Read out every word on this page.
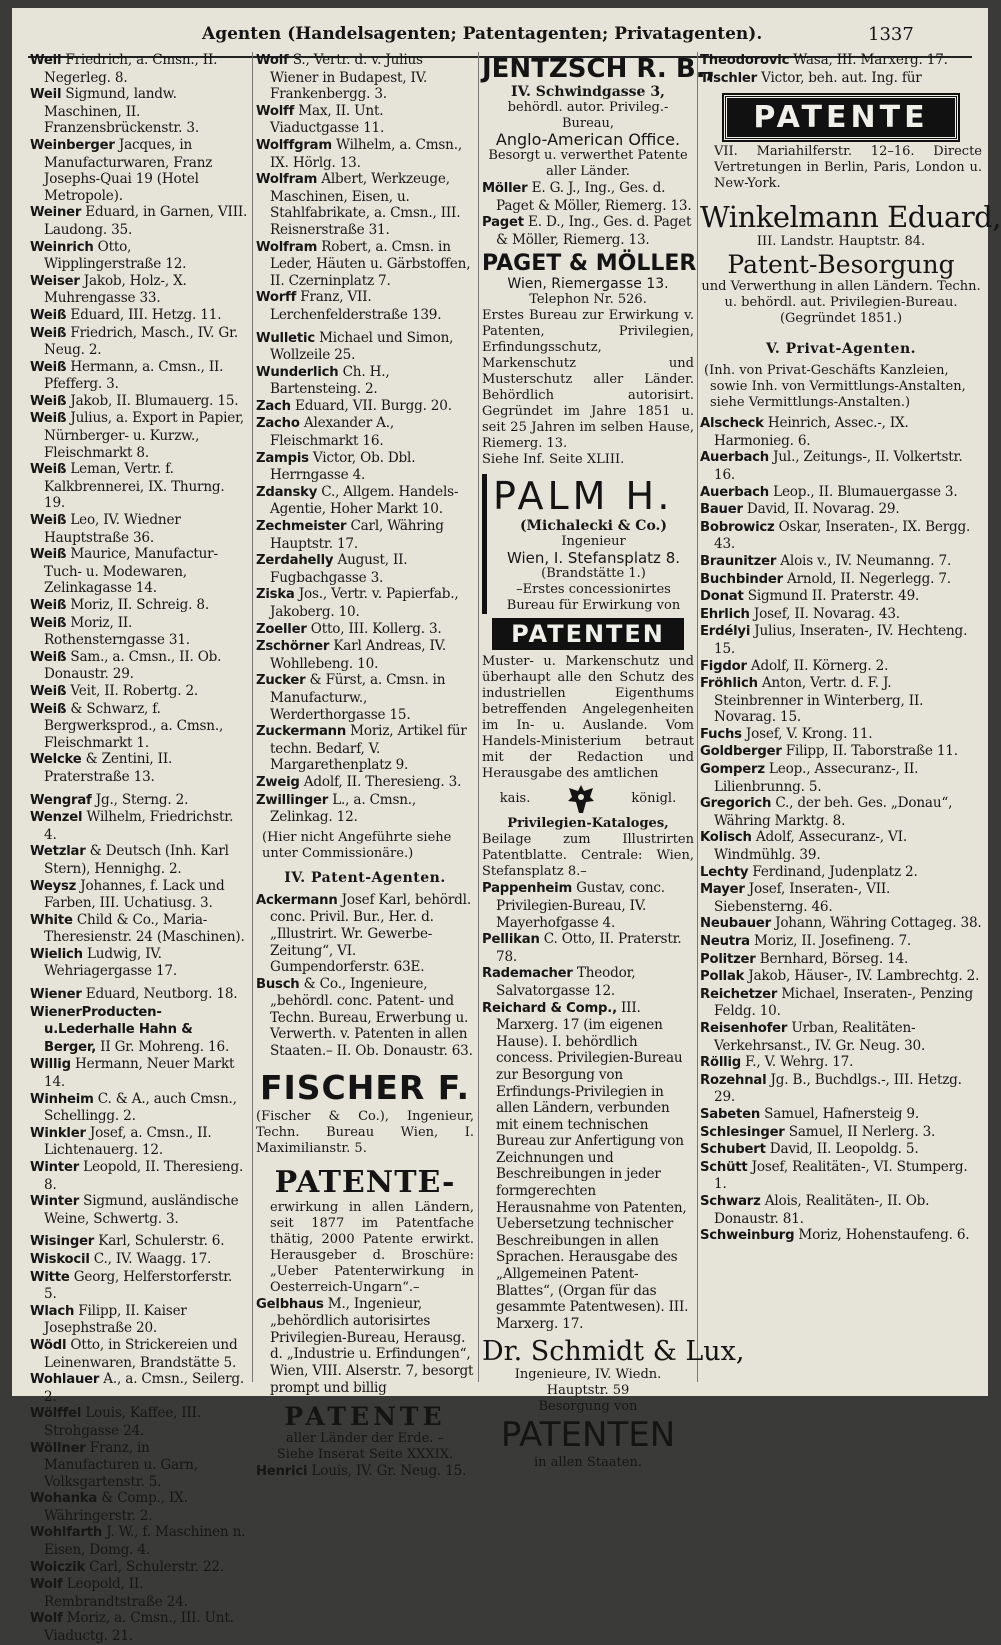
Agenten (Handelsagenten; Patentagenten; Privatagenten).	1337
Weil Friedrich, a. Cmsn., II. Negerleg. 8.
Weil Sigmund, landw. Maschinen, II. Franzensbrückenstr. 3.
Weinberger Jacques, in Manufacturwaren, Franz Josephs-Quai 19 (Hotel Metropole).
Weiner Eduard, in Garnen, VIII. Laudong. 35.
Weinrich Otto, Wipplingerstraße 12.
Weiser Jakob, Holz-, X. Muhrengasse 33.
Weiß Eduard, III. Hetzg. 11.
Weiß Friedrich, Masch., IV. Gr. Neug. 2.
Weiß Hermann, a. Cmsn., II. Pfefferg. 3.
Weiß Jakob, II. Blumauerg. 15.
Weiß Julius, a. Export in Papier, Nürnberger- u. Kurzw., Fleischmarkt 8.
Weiß Leman, Vertr. f. Kalkbrennerei, IX. Thurng. 19.
Weiß Leo, IV. Wiedner Hauptstraße 36.
Weiß Maurice, Manufactur-Tuch- u. Modewaren, Zelinkagasse 14.
Weiß Moriz, II. Schreig. 8.
Weiß Moriz, II. Rothensterngasse 31.
Weiß Sam., a. Cmsn., II. Ob. Donaustr. 29.
Weiß Veit, II. Robertg. 2.
Weiß & Schwarz, f. Bergwerksprod., a. Cmsn., Fleischmarkt 1.
Welcke & Zentini, II. Praterstraße 13.
Wengraf Jg., Sterng. 2.
Wenzel Wilhelm, Friedrichstr. 4.
Wetzlar & Deutsch (Inh. Karl Stern), Hennighg. 2.
Weysz Johannes, f. Lack und Farben, III. Uchatiusg. 3.
White Child & Co., Maria-Theresienstr. 24 (Maschinen).
Wielich Ludwig, IV. Wehriagergasse 17.
Wiener Eduard, Neutborg. 18.
WienerProducten-u.Lederhalle Hahn & Berger, II Gr. Mohreng. 16.
Willig Hermann, Neuer Markt 14.
Winheim C. & A., auch Cmsn., Schellingg. 2.
Winkler Josef, a. Cmsn., II. Lichtenauerg. 12.
Winter Leopold, II. Theresieng. 8.
Winter Sigmund, ausländische Weine, Schwertg. 3.
Wisinger Karl, Schulerstr. 6.
Wiskocil C., IV. Waagg. 17.
Witte Georg, Helferstorferstr. 5.
Wlach Filipp, II. Kaiser Josephstraße 20.
Wödl Otto, in Strickereien und Leinenwaren, Brandstätte 5.
Wohlauer A., a. Cmsn., Seilerg. 2.
Wölffel Louis, Kaffee, III. Strohgasse 24.
Wöllner Franz, in Manufacturen u. Garn, Volksgartenstr. 5.
Wohanka & Comp., IX. Währingerstr. 2.
Wohlfarth J. W., f. Maschinen n. Eisen, Domg. 4.
Woiczik Carl, Schulerstr. 22.
Wolf Leopold, II. Rembrandtstraße 24.
Wolf Moriz, a. Cmsn., III. Unt. Viaductg. 21.
Wolf S., Vertr. d. v. Julius Wiener in Budapest, IV. Frankenbergg. 3.
Wolff Max, II. Unt. Viaductgasse 11.
Wolffgram Wilhelm, a. Cmsn., IX. Hörlg. 13.
Wolfram Albert, Werkzeuge, Maschinen, Eisen, u. Stahlfabrikate, a. Cmsn., III. Reisnerstraße 31.
Wolfram Robert, a. Cmsn. in Leder, Häuten u. Gärbstoffen, II. Czerninplatz 7.
Worff Franz, VII. Lerchenfelderstraße 139.
Wulletic Michael und Simon, Wollzeile 25.
Wunderlich Ch. H., Bartensteing. 2.
Zach Eduard, VII. Burgg. 20.
Zacho Alexander A., Fleischmarkt 16.
Zampis Victor, Ob. Dbl. Herrngasse 4.
Zdansky C., Allgem. Handels-Agentie, Hoher Markt 10.
Zechmeister Carl, Währing Hauptstr. 17.
Zerdahelly August, II. Fugbachgasse 3.
Ziska Jos., Vertr. v. Papierfab., Jakoberg. 10.
Zoeller Otto, III. Kollerg. 3.
Zschörner Karl Andreas, IV. Wohllebeng. 10.
Zucker & Fürst, a. Cmsn. in Manufacturw., Werderthorgasse 15.
Zuckermann Moriz, Artikel für techn. Bedarf, V. Margarethenplatz 9.
Zweig Adolf, II. Theresieng. 3.
Zwillinger L., a. Cmsn., Zelinkag. 12.
(Hier nicht Angeführte siehe unter Commissionäre.)
IV. Patent-Agenten.
Ackermann Josef Karl, behördl. conc. Privil. Bur., Her. d. „Illustrirt. Wr. Gewerbe-Zeitung“, VI. Gumpendorferstr. 63E.
Busch & Co., Ingenieure, „behördl. conc. Patent- und Techn. Bureau, Erwerbung u. Verwerth. v. Patenten in allen Staaten.– II. Ob. Donaustr. 63.
FISCHER F.
(Fischer & Co.), Ingenieur, Techn. Bureau Wien, I. Maximilianstr. 5.
PATENTE-
erwirkung in allen Ländern, seit 1877 im Patentfache thätig, 2000 Patente erwirkt. Herausgeber d. Broschüre: „Ueber Patenterwirkung in Oesterreich-Ungarn“.–
Gelbhaus M., Ingenieur, „behördlich autorisirtes Privilegien-Bureau, Herausg. d. „Industrie u. Erfindungen“, Wien, VIII. Alserstr. 7, besorgt prompt und billig
PATENTE
aller Länder der Erde. –
Siehe Inserat Seite XXXIX.
Henrici Louis, IV. Gr. Neug. 15.
JENTZSCH R. B.,
IV. Schwindgasse 3,
behördl. autor. Privileg.-Bureau,
Anglo-American Office.
Besorgt u. verwerthet Patente aller Länder.
Möller E. G. J., Ing., Ges. d. Paget & Möller, Riemerg. 13.
Paget E. D., Ing., Ges. d. Paget & Möller, Riemerg. 13.
PAGET & MÖLLER
Wien, Riemergasse 13.
Telephon Nr. 526.
Erstes Bureau zur Erwirkung v. Patenten, Privilegien, Erfindungsschutz, Markenschutz und Musterschutz aller Länder. Behördlich autorisirt. Gegründet im Jahre 1851 u. seit 25 Jahren im selben Hause, Riemerg. 13.
Siehe Inf. Seite XLIII.
PALM H.
(Michalecki & Co.)
Ingenieur
Wien, I. Stefansplatz 8.
(Brandstätte 1.)
–Erstes concessionirtes Bureau für Erwirkung von
PATENTEN
Muster- u. Markenschutz und überhaupt alle den Schutz des industriellen Eigenthums betreffenden Angelegenheiten im In- u. Auslande. Vom Handels-Ministerium betraut mit der Redaction und Herausgabe des amtlichen
kais.	königl.
Privilegien-Kataloges,
Beilage zum Illustrirten Patentblatte. Centrale: Wien, Stefansplatz 8.–
Pappenheim Gustav, conc. Privilegien-Bureau, IV. Mayerhofgasse 4.
Pellikan C. Otto, II. Praterstr. 78.
Rademacher Theodor, Salvatorgasse 12.
Reichard & Comp., III. Marxerg. 17 (im eigenen Hause). I. behördlich concess. Privilegien-Bureau zur Besorgung von Erfindungs-Privilegien in allen Ländern, verbunden mit einem technischen Bureau zur Anfertigung von Zeichnungen und Beschreibungen in jeder formgerechten Herausnahme von Patenten, Uebersetzung technischer Beschreibungen in allen Sprachen. Herausgabe des „Allgemeinen Patent-Blattes“, (Organ für das gesammte Patentwesen). III. Marxerg. 17.
Dr. Schmidt & Lux,
Ingenieure, IV. Wiedn. Hauptstr. 59
Besorgung von
PATENTEN
in allen Staaten.
Theodorovic Wasa, III. Marxerg. 17.
Tischler Victor, beh. aut. Ing. für
PATENTE
VII. Mariahilferstr. 12–16. Directe Vertretungen in Berlin, Paris, London u. New-York.
Winkelmann Eduard,
III. Landstr. Hauptstr. 84.
Patent-Besorgung
und Verwerthung in allen Ländern. Techn. u. behördl. aut. Privilegien-Bureau. (Gegründet 1851.)
V. Privat-Agenten.
(Inh. von Privat-Geschäfts Kanzleien, sowie Inh. von Vermittlungs-Anstalten, siehe Vermittlungs-Anstalten.)
Alscheck Heinrich, Assec.-, IX. Harmonieg. 6.
Auerbach Jul., Zeitungs-, II. Volkertstr. 16.
Auerbach Leop., II. Blumauergasse 3.
Bauer David, II. Novarag. 29.
Bobrowicz Oskar, Inseraten-, IX. Bergg. 43.
Braunitzer Alois v., IV. Neumanng. 7.
Buchbinder Arnold, II. Negerlegg. 7.
Donat Sigmund II. Praterstr. 49.
Ehrlich Josef, II. Novarag. 43.
Erdélyi Julius, Inseraten-, IV. Hechteng. 15.
Figdor Adolf, II. Körnerg. 2.
Fröhlich Anton, Vertr. d. F. J. Steinbrenner in Winterberg, II. Novarag. 15.
Fuchs Josef, V. Krong. 11.
Goldberger Filipp, II. Taborstraße 11.
Gomperz Leop., Assecuranz-, II. Lilienbrunng. 5.
Gregorich C., der beh. Ges. „Donau“, Währing Marktg. 8.
Kolisch Adolf, Assecuranz-, VI. Windmühlg. 39.
Lechty Ferdinand, Judenplatz 2.
Mayer Josef, Inseraten-, VII. Siebensterng. 46.
Neubauer Johann, Währing Cottageg. 38.
Neutra Moriz, II. Josefineng. 7.
Politzer Bernhard, Börseg. 14.
Pollak Jakob, Häuser-, IV. Lambrechtg. 2.
Reichetzer Michael, Inseraten-, Penzing Feldg. 10.
Reisenhofer Urban, Realitäten-Verkehrsanst., IV. Gr. Neug. 30.
Röllig F., V. Wehrg. 17.
Rozehnal Jg. B., Buchdlgs.-, III. Hetzg. 29.
Sabeten Samuel, Hafnersteig 9.
Schlesinger Samuel, II Nerlerg. 3.
Schubert David, II. Leopoldg. 5.
Schütt Josef, Realitäten-, VI. Stumperg. 1.
Schwarz Alois, Realitäten-, II. Ob. Donaustr. 81.
Schweinburg Moriz, Hohenstaufeng. 6.
